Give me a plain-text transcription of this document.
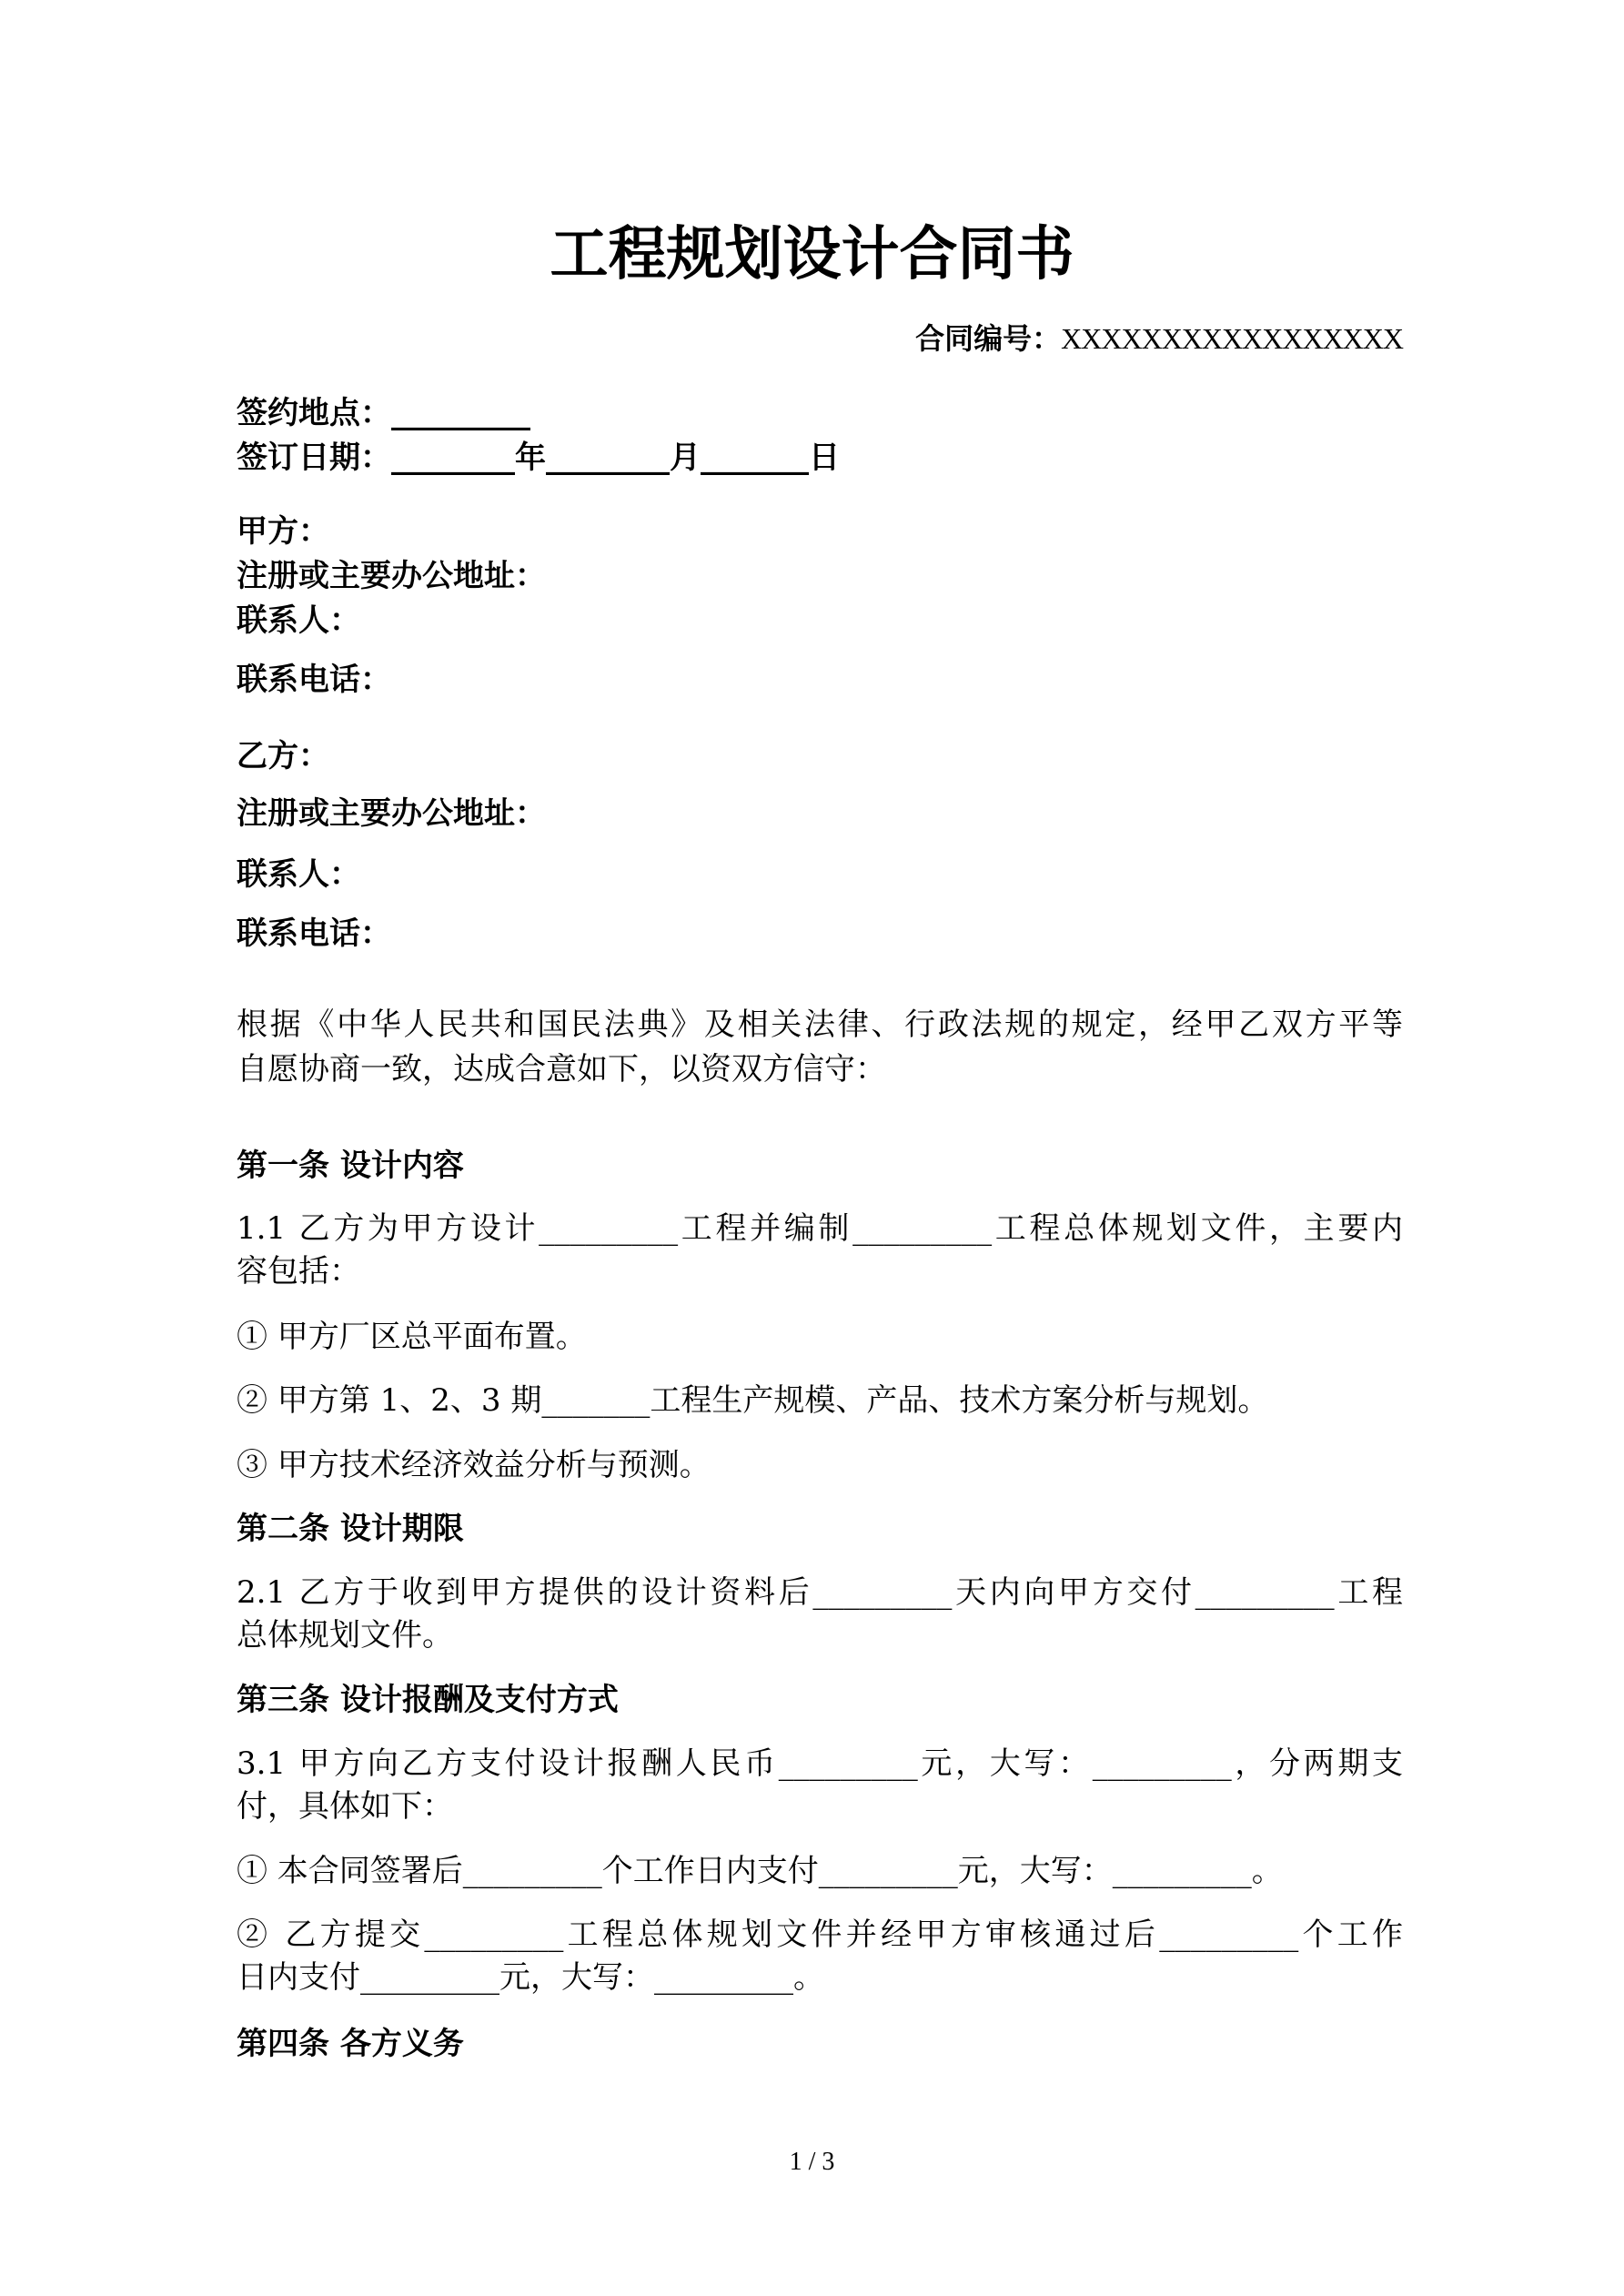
工程规划设计合同书
合同编号：XXXXXXXXXXXXXXXXX
签约地点：_________
签订日期：________年________月_______日
甲方：
注册或主要办公地址：
联系人：
联系电话：
乙方：
注册或主要办公地址：
联系人：
联系电话：
根据《中华人民共和国民法典》及相关法律、行政法规的规定，经甲乙双方平等
自愿协商一致，达成合意如下，以资双方信守：
第一条 设计内容
1.1 乙方为甲方设计_________工程并编制_________工程总体规划文件，主要内
容包括：
① 甲方厂区总平面布置。
② 甲方第 1、2、3 期_______工程生产规模、产品、技术方案分析与规划。
③ 甲方技术经济效益分析与预测。
第二条 设计期限
2.1 乙方于收到甲方提供的设计资料后_________天内向甲方交付_________工程
总体规划文件。
第三条 设计报酬及支付方式
3.1 甲方向乙方支付设计报酬人民币_________元，大写：_________，分两期支
付，具体如下：
① 本合同签署后_________个工作日内支付_________元，大写：_________。
② 乙方提交_________工程总体规划文件并经甲方审核通过后_________个工作
日内支付_________元，大写：_________。
第四条 各方义务
1 / 3
